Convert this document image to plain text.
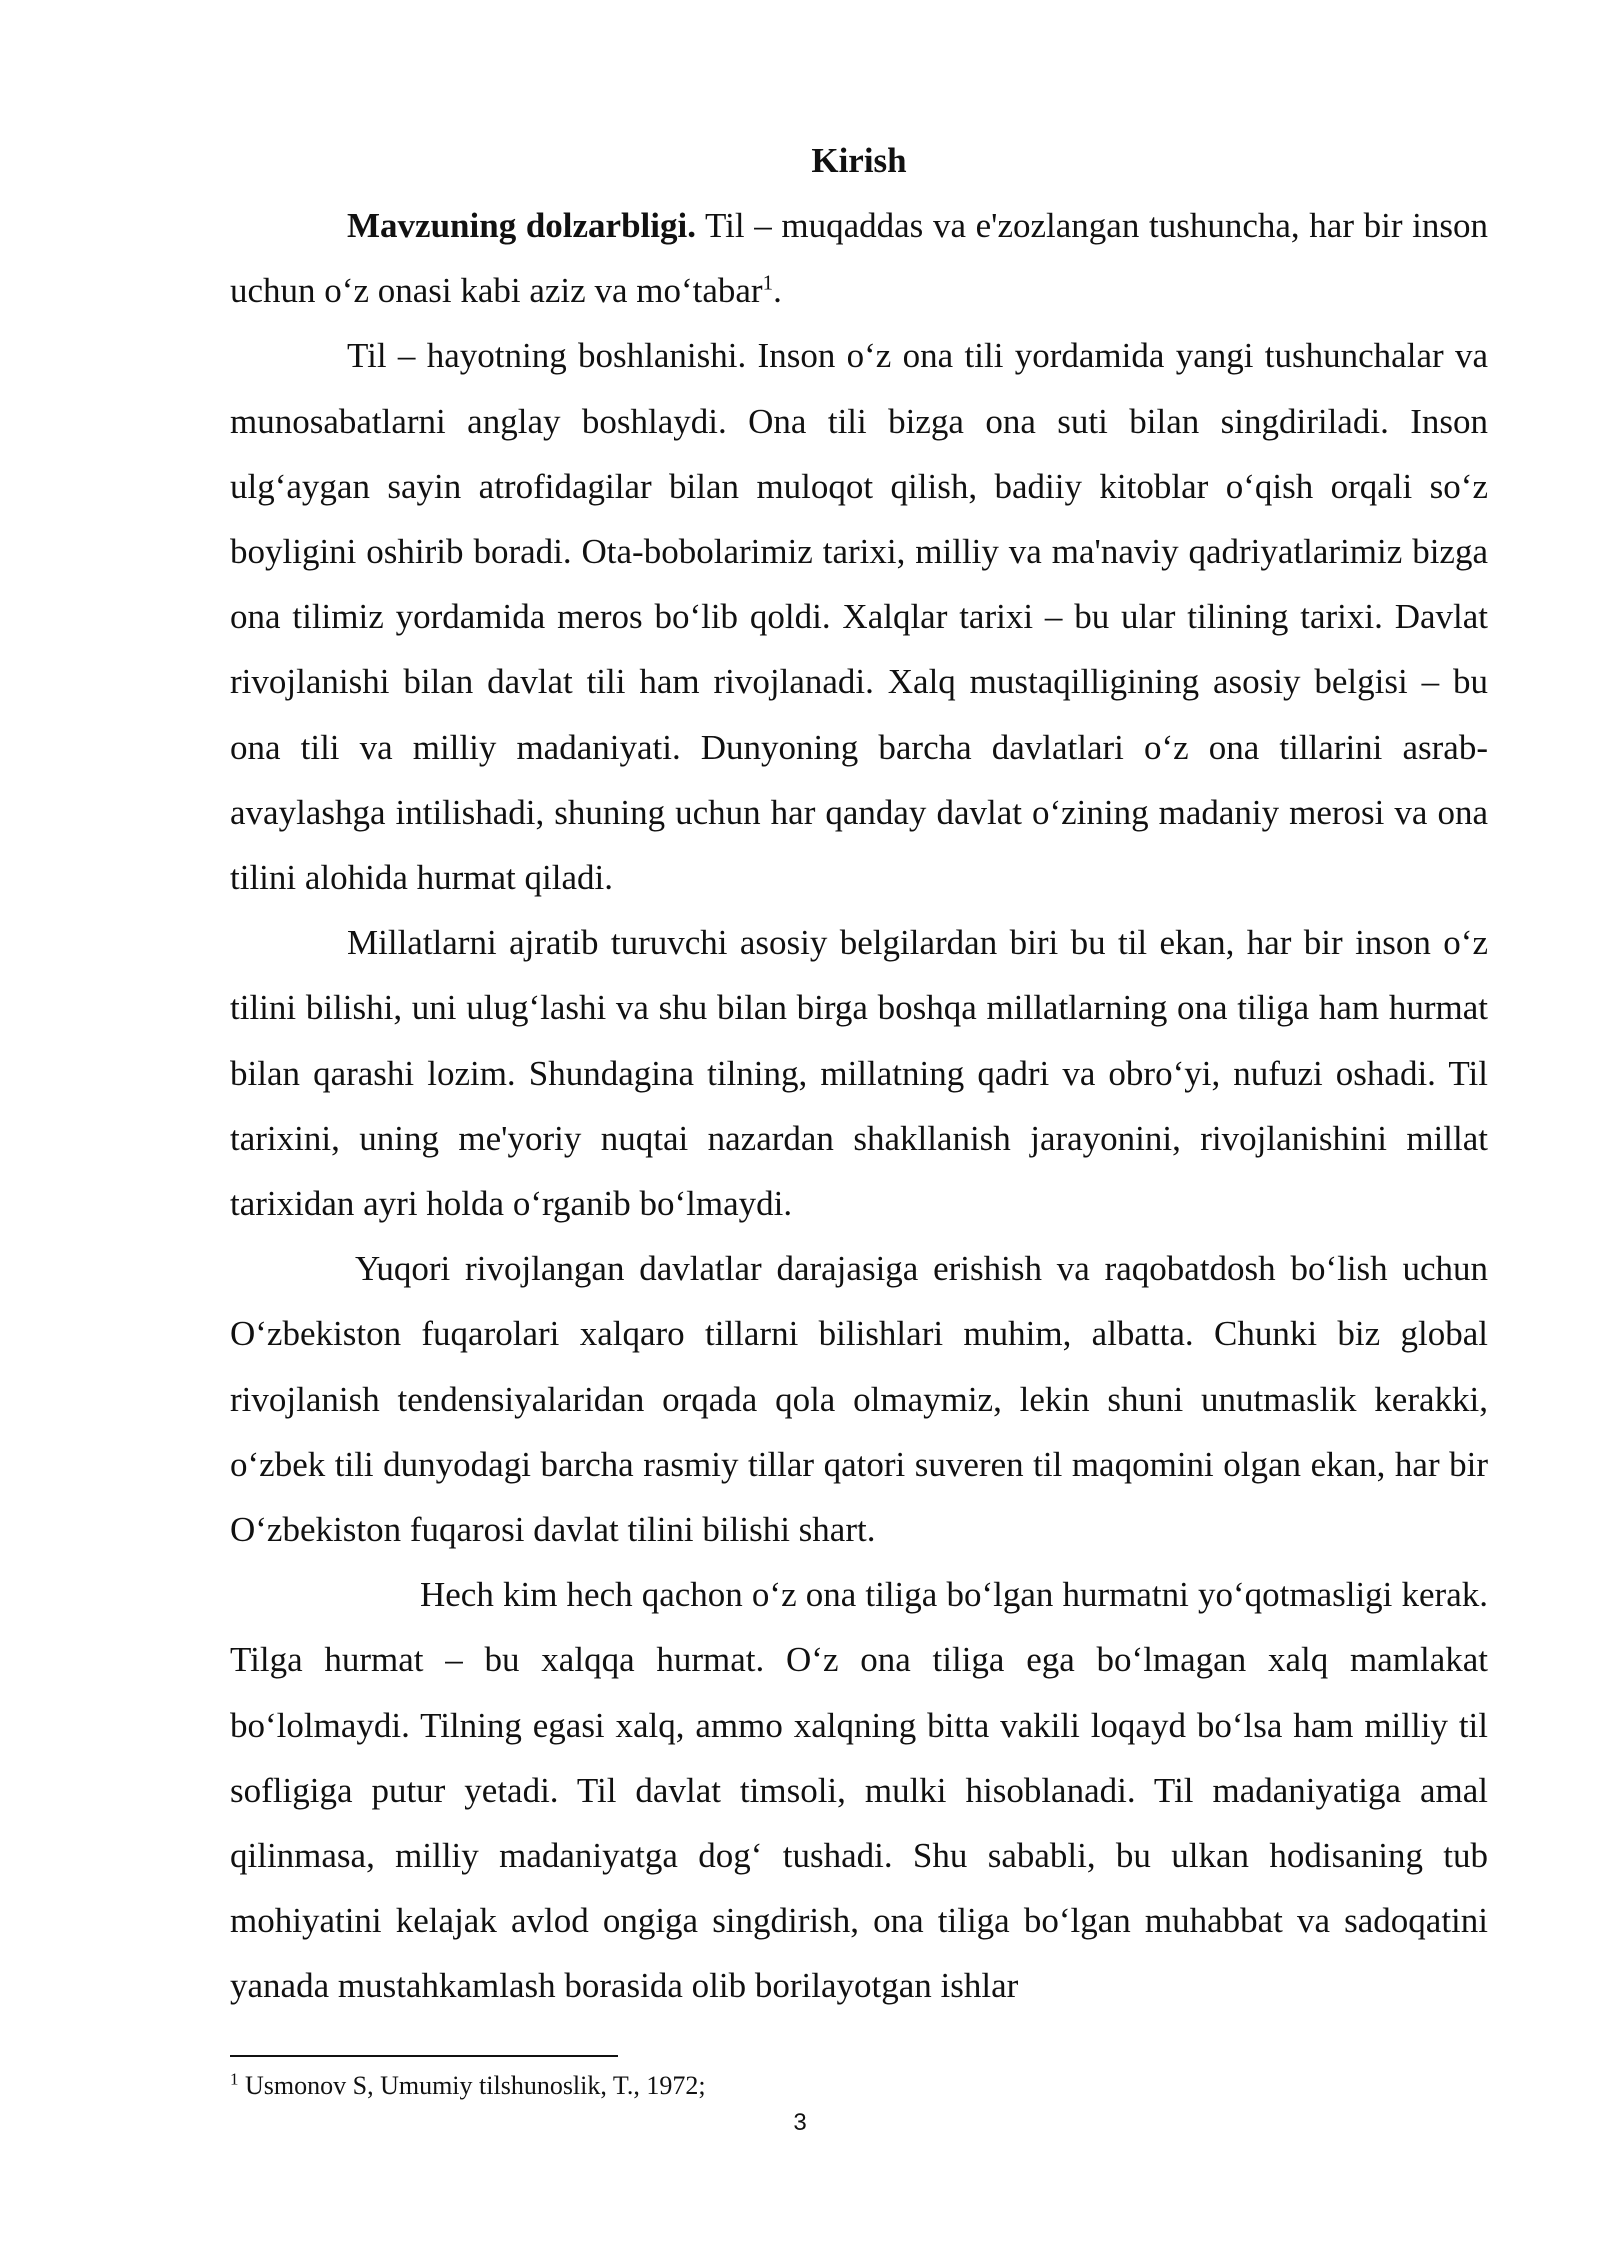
Kirish

Mavzuning dolzarbligi. Til – muqaddas va e'zozlangan tushuncha, har bir inson uchun o‘z onasi kabi aziz va mo‘tabar$^1$.

Til – hayotning boshlanishi. Inson o‘z ona tili yordamida yangi tushunchalar va munosabatlarni anglay boshlaydi. Ona tili bizga ona suti bilan singdiriladi. Inson ulg‘aygan sayin atrofidagilar bilan muloqot qilish, badiiy kitoblar o‘qish orqali so‘z boyligini oshirib boradi. Ota-bobolarimiz tarixi, milliy va ma'naviy qadriyatlarimiz bizga ona tilimiz yordamida meros bo‘lib qoldi. Xalqlar tarixi – bu ular tilining tarixi. Davlat rivojlanishi bilan davlat tili ham rivojlanadi. Xalq mustaqilligining asosiy belgisi – bu ona tili va milliy madaniyati. Dunyoning barcha davlatlari o‘z ona tillarini asrab-avaylashga intilishadi, shuning uchun har qanday davlat o‘zining madaniy merosi va ona tilini alohida hurmat qiladi.

Millatlarni ajratib turuvchi asosiy belgilardan biri bu til ekan, har bir inson o‘z tilini bilishi, uni ulug‘lashi va shu bilan birga boshqa millatlarning ona tiliga ham hurmat bilan qarashi lozim. Shundagina tilning, millatning qadri va obro‘yi, nufuzi oshadi. Til tarixini, uning me'yoriy nuqtai nazardan shakllanish jarayonini, rivojlanishini millat tarixidan ayri holda o‘rganib bo‘lmaydi.

Yuqori rivojlangan davlatlar darajasiga erishish va raqobatdosh bo‘lish uchun O‘zbekiston fuqarolari xalqaro tillarni bilishlari muhim, albatta. Chunki biz global rivojlanish tendensiyalaridan orqada qola olmaymiz, lekin shuni unutmaslik kerakki, o‘zbek tili dunyodagi barcha rasmiy tillar qatori suveren til maqomini olgan ekan, har bir O‘zbekiston fuqarosi davlat tilini bilishi shart.

Hech kim hech qachon o‘z ona tiliga bo‘lgan hurmatni yo‘qotmasligi kerak. Tilga hurmat – bu xalqqa hurmat. O‘z ona tiliga ega bo‘lmagan xalq mamlakat bo‘lolmaydi. Tilning egasi xalq, ammo xalqning bitta vakili loqayd bo‘lsa ham milliy til sofligiga putur yetadi. Til davlat timsoli, mulki hisoblanadi. Til madaniyatiga amal qilinmasa, milliy madaniyatga dog‘ tushadi. Shu sababli, bu ulkan hodisaning tub mohiyatini kelajak avlod ongiga singdirish, ona tiliga bo‘lgan muhabbat va sadoqatini yanada mustahkamlash borasida olib borilayotgan ishlar

$^1$ Usmonov S, Umumiy tilshunoslik, T., 1972;

3
